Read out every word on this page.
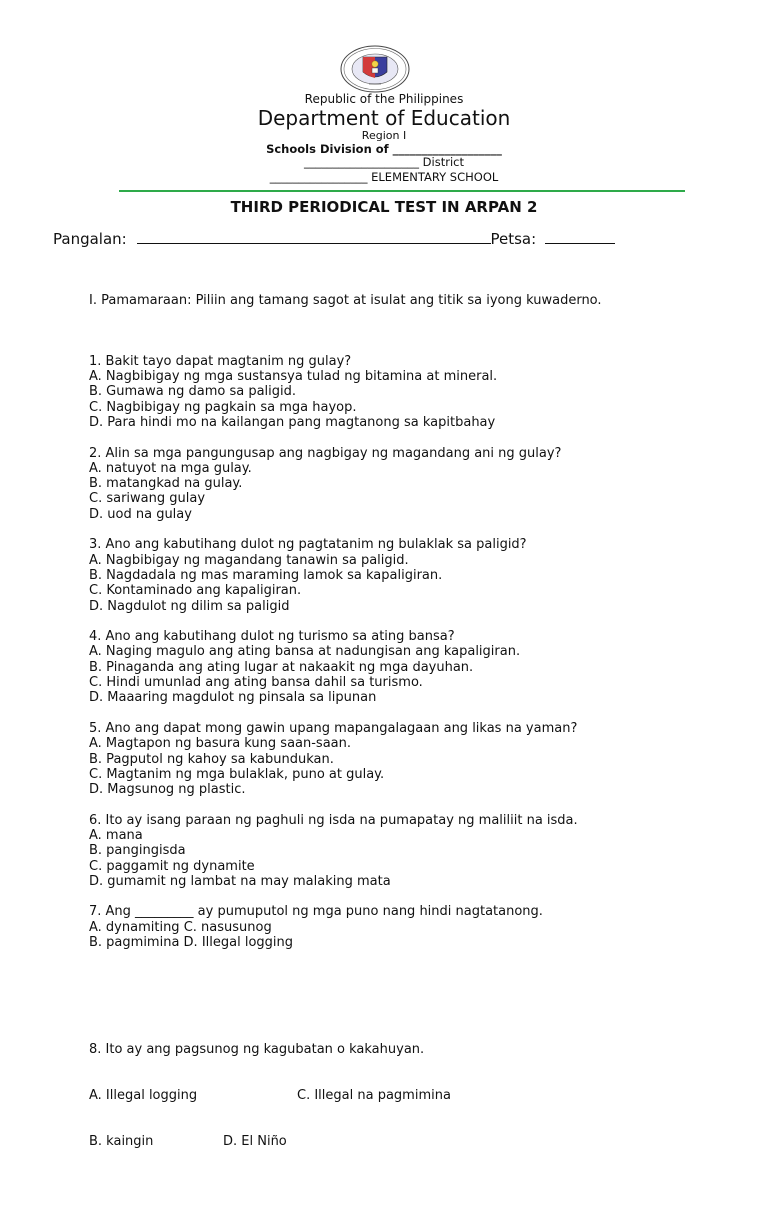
Republic of the Philippines
Department of Education
Region I
Schools Division of ___________________
____________________ District
_________________ ELEMENTARY SCHOOL
THIRD PERIODICAL TEST IN ARPAN 2
Pangalan:	Petsa:

I. Pamamaraan: Piliin ang tamang sagot at isulat ang titik sa iyong kuwaderno.

1. Bakit tayo dapat magtanim ng gulay?
A. Nagbibigay ng mga sustansya tulad ng bitamina at mineral.
B. Gumawa ng damo sa paligid.
C. Nagbibigay ng pagkain sa mga hayop.
D. Para hindi mo na kailangan pang magtanong sa kapitbahay
2. Alin sa mga pangungusap ang nagbigay ng magandang ani ng gulay?
A. natuyot na mga gulay.
B. matangkad na gulay.
C. sariwang gulay
D. uod na gulay
3. Ano ang kabutihang dulot ng pagtatanim ng bulaklak sa paligid?
A. Nagbibigay ng magandang tanawin sa paligid.
B. Nagdadala ng mas maraming lamok sa kapaligiran.
C. Kontaminado ang kapaligiran.
D. Nagdulot ng dilim sa paligid
4. Ano ang kabutihang dulot ng turismo sa ating bansa?
A. Naging magulo ang ating bansa at nadungisan ang kapaligiran.
B. Pinaganda ang ating lugar at nakaakit ng mga dayuhan.
C. Hindi umunlad ang ating bansa dahil sa turismo.
D. Maaaring magdulot ng pinsala sa lipunan
5. Ano ang dapat mong gawin upang mapangalagaan ang likas na yaman?
A. Magtapon ng basura kung saan-saan.
B. Pagputol ng kahoy sa kabundukan.
C. Magtanim ng mga bulaklak, puno at gulay.
D. Magsunog ng plastic.
6. Ito ay isang paraan ng paghuli ng isda na pumapatay ng maliliit na isda.
A. mana
B. pangingisda
C. paggamit ng dynamite
D. gumamit ng lambat na may malaking mata
7. Ang _________ ay pumuputol ng mga puno nang hindi nagtatanong.
A. dynamiting C. nasusunog
B. pagmimina D. Illegal logging

8. Ito ay ang pagsunog ng kagubatan o kakahuyan.

A. Illegal logging	C. Illegal na pagmimina

B. kaingin	D. El Niño
